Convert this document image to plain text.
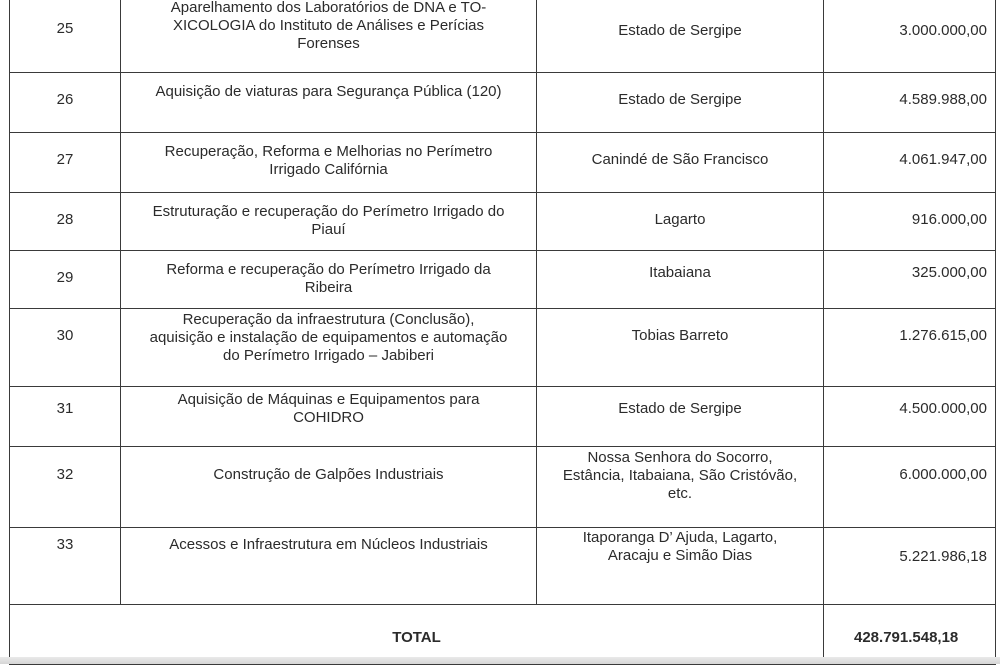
25	Aparelhamento dos Laboratórios de DNA e TO-XICOLOGIA do Instituto de Análises e Perícias Forenses	Estado de Sergipe	3.000.000,00

26	Aquisição de viaturas para Segurança Pública (120)	Estado de Sergipe	4.589.988,00

27	Recuperação, Reforma e Melhorias no Perímetro Irrigado Califórnia	Canindé de São Francisco	4.061.947,00

28	Estruturação e recuperação do Perímetro Irrigado do Piauí	Lagarto	916.000,00

29	Reforma e recuperação do Perímetro Irrigado da Ribeira	Itabaiana	325.000,00

30	Recuperação da infraestrutura (Conclusão), aquisição e instalação de equipamentos e automação do Perímetro Irrigado – Jabiberi	Tobias Barreto	1.276.615,00

31	Aquisição de Máquinas e Equipamentos para COHIDRO	Estado de Sergipe	4.500.000,00

32	Construção de Galpões Industriais	Nossa Senhora do Socorro, Estância, Itabaiana, São Cristóvão, etc.	6.000.000,00

33	Acessos e Infraestrutura em Núcleos Industriais	Itaporanga D’ Ajuda, Lagarto, Aracaju e Simão Dias	5.221.986,18

TOTAL			428.791.548,18
